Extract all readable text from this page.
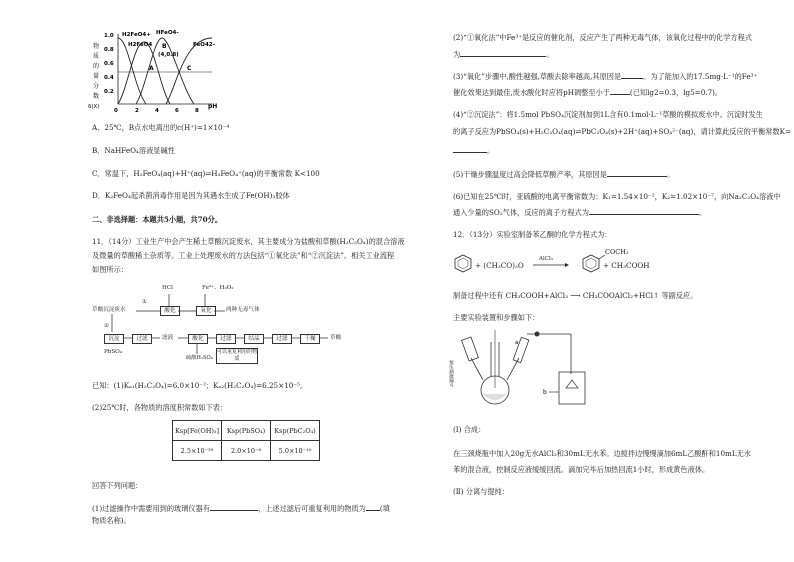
物
质
的
量
分
数
δ(X)
1.0
0.8
0.6
0.4
0.2
0	2	4	6	8
pH
A
B
(4,0.8)
C
H2FeO4+
H2FeO4
HFeO4-
FeO42-
A．25℃，B点水电离出的c(H⁺)=1×10⁻⁴
B．NaHFeO₄溶液显碱性
C．常温下，H₂FeO₄(aq)+H⁺(aq)⇌H₃FeO₄⁺(aq)的平衡常数 K<100
D．K₂FeO₄起杀菌消毒作用是因为其遇水生成了Fe(OH)₃胶体
二、非选择题：本题共5小题，共70分。
11．（14分）工业生产中会产生稀土草酸沉淀废水，其主要成分为盐酸和草酸(H₂C₂O₄)的混合溶液
及微量的草酸稀土杂质等。工业上处理废水的方法包括“①氧化法”和“②沉淀法”。相关工业流程
如图所示：
HCl	Fe³⁺、H₂O₂
草酸沉淀废水
①
②
酸化	氧化	两种无毒气体
沉淀	过滤	滤液	酸化	过滤	结晶	过滤	干燥	草酸
PbSO₄
硫酸H₂SO₄
可以重复利用的物质
已知：(1)Kₐ₁(H₂C₂O₄)=6.0×10⁻²；Kₐ₂(H₂C₂O₄)=6.25×10⁻⁵。
(2)25℃时，各物质的溶度积常数如下表：
Ksp[Fe(OH)₃]	Ksp(PbSO₄)	Ksp(PbC₂O₄)
2.5×10⁻³⁹	2.0×10⁻⁸	5.0×10⁻¹⁰
回答下列问题：
(1)过滤操作中需要用到的玻璃仪器有	，上述过滤后可重复利用的物质为 (填
物质名称)。
(2)“①氧化法”中Fe³⁺是反应的催化剂，反应产生了两种无毒气体，该氧化过程中的化学方程式
为	。
(3)“氧化”步骤中,酸性越强,草酸去除率越高,其原因是	。为了能加入的17.5mg·L⁻¹的Fe³⁺
催化效果达到最佳,废水酸化时应将pH调整至小于	(已知lg2=0.3，lg5=0.7)。
(4)“②沉淀法”：将1.5mol PbSO₄沉淀剂加到1L含有0.1mol·L⁻¹草酸的模拟废水中。沉淀时发生
的离子反应为PbSO₄(s)+H₂C₂O₄(aq)⇌PbC₂O₄(s)+2H⁺(aq)+SO₄²⁻(aq)，请计算此反应的平衡常数K=
。
(5)干燥步骤温度过高会降低草酸产率，其原因是	。
(6)已知在25℃时，亚硫酸的电离平衡常数为：K₁=1.54×10⁻²，K₂=1.02×10⁻⁷，向Na₂C₂O₄溶液中
通入少量的SO₂气体，反应的离子方程式为	。
12．（13分）实验室制备苯乙酮的化学方程式为：
+ (CH₃CO)₂O
AlCl₃
COCH₃
+ CH₃COOH
制备过程中还有 CH₃COOH+AlCl₃ ⟶ CH₃COOAlCl₂+HCl↑ 等副反应。
主要实验装置和步骤如下：
恒压滴液漏斗
a
b
(Ⅰ) 合成：
在三颈烧瓶中加入20g无水AlCl₃和30mL无水苯。边搅拌边慢慢滴加6mL乙酸酐和10mL无水
苯的混合液，控制反应液缓缓回流。滴加完毕后加热回流1小时，形成黄色液体。
(Ⅱ) 分离与提纯：
